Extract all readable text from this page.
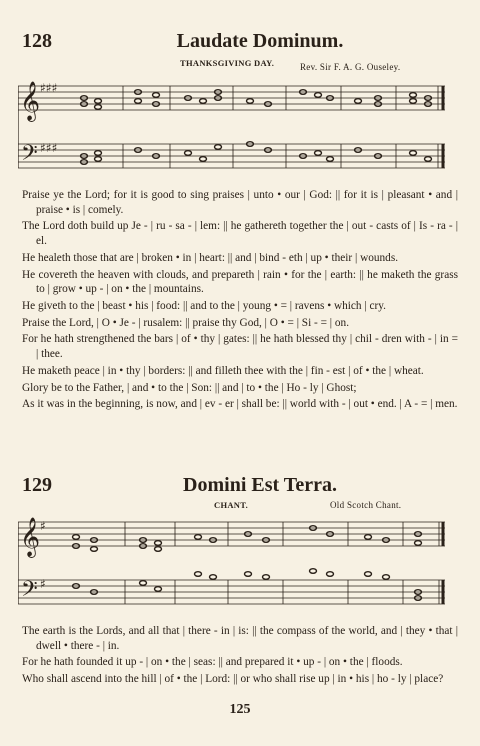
128	Laudate Dominum.
THANKSGIVING DAY.	Rev. Sir F. A. G. Ouseley.
𝄞
𝄢
♯♯♯
♯♯♯

Praise ye the Lord; for it is good to sing praises | unto • our | God: || for it is | pleasant • and | praise • is | comely.

The Lord doth build up Je - | ru - sa - | lem: || he gathereth together the | out - casts of | Is - ra - | el.

He healeth those that are | broken • in | heart: || and | bind - eth | up • their | wounds.

He covereth the heaven with clouds, and prepareth | rain • for the | earth: || he maketh the grass to | grow • up - | on • the | mountains.

He giveth to the | beast • his | food: || and to the | young • = | ravens • which | cry.

Praise the Lord, | O • Je - | rusalem: || praise thy God, | O • = | Si - = | on.

For he hath strengthened the bars | of • thy | gates: || he hath blessed thy | chil - dren with - | in = | thee.

He maketh peace | in • thy | borders: || and filleth thee with the | fin - est | of • the | wheat.

Glory be to the Father, | and • to the | Son: || and | to • the | Ho - ly | Ghost;

As it was in the beginning, is now, and | ev - er | shall be: || world with - | out • end. | A - = | men.

129	Domini Est Terra.
CHANT.	Old Scotch Chant.
𝄞
𝄢
♯
♯

The earth is the Lords, and all that | there - in | is: || the compass of the world, and | they • that | dwell • there - | in.

For he hath founded it up - | on • the | seas: || and prepared it • up - | on • the | floods.

Who shall ascend into the hill | of • the | Lord: || or who shall rise up | in • his | ho - ly | place?

125
